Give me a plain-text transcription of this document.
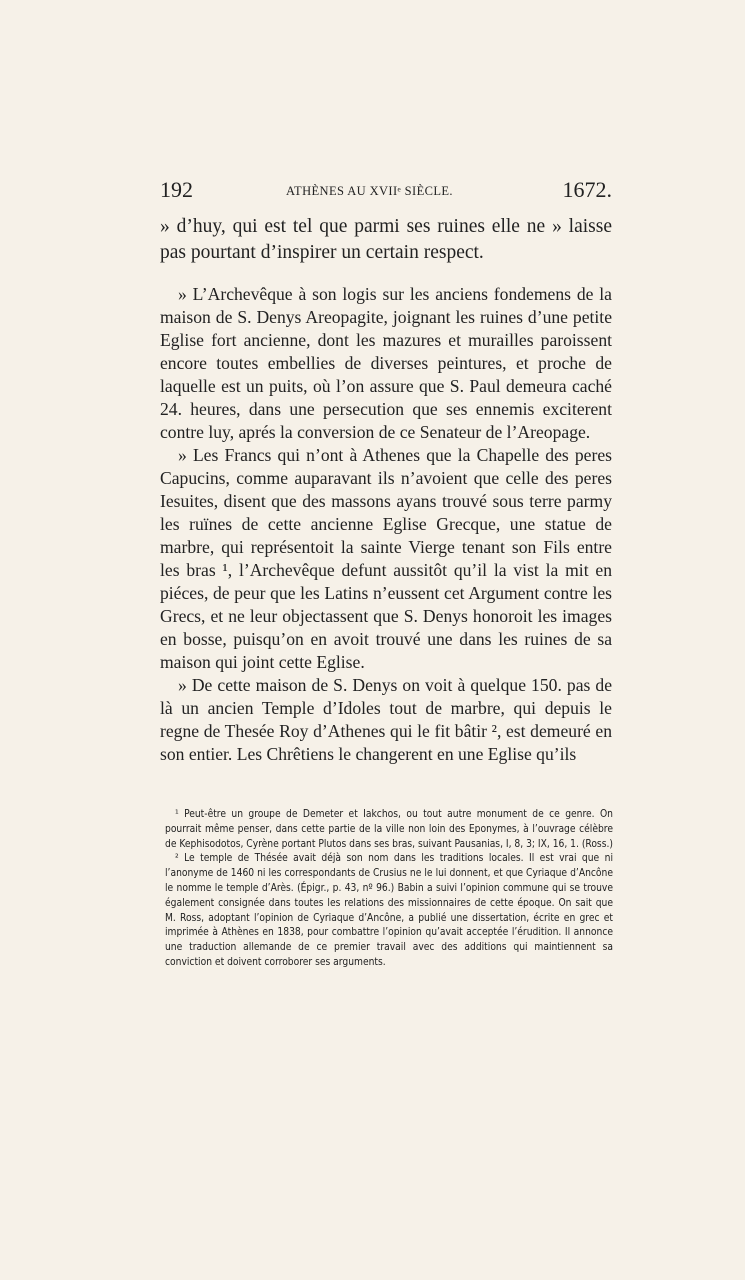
192	ATHÈNES AU XVIIᵉ SIÈCLE.	1672.

» d’huy, qui est tel que parmi ses ruines elle ne » laisse pas pourtant d’inspirer un certain respect.

» L’Archevêque à son logis sur les anciens fondemens de la maison de S. Denys Areopagite, joignant les ruines d’une petite Eglise fort ancienne, dont les mazures et murailles paroissent encore toutes embellies de diverses peintures, et proche de laquelle est un puits, où l’on assure que S. Paul demeura caché 24. heures, dans une persecution que ses ennemis exciterent contre luy, aprés la conversion de ce Senateur de l’Areopage.

» Les Francs qui n’ont à Athenes que la Chapelle des peres Capucins, comme auparavant ils n’avoient que celle des peres Iesuites, disent que des massons ayans trouvé sous terre parmy les ruïnes de cette ancienne Eglise Grecque, une statue de marbre, qui représentoit la sainte Vierge tenant son Fils entre les bras ¹, l’Archevêque defunt aussitôt qu’il la vist la mit en piéces, de peur que les Latins n’eussent cet Argument contre les Grecs, et ne leur objectassent que S. Denys honoroit les images en bosse, puisqu’on en avoit trouvé une dans les ruines de sa maison qui joint cette Eglise.

» De cette maison de S. Denys on voit à quelque 150. pas de là un ancien Temple d’Idoles tout de marbre, qui depuis le regne de Thesée Roy d’Athenes qui le fit bâtir ², est demeuré en son entier. Les Chrêtiens le changerent en une Eglise qu’ils

¹ Peut-être un groupe de Demeter et Iakchos, ou tout autre monument de ce genre. On pourrait même penser, dans cette partie de la ville non loin des Eponymes, à l’ouvrage célèbre de Kephisodotos, Cyrène portant Plutos dans ses bras, suivant Pausanias, I, 8, 3; IX, 16, 1. (Ross.)

² Le temple de Thésée avait déjà son nom dans les traditions locales. Il est vrai que ni l’anonyme de 1460 ni les correspondants de Crusius ne le lui donnent, et que Cyriaque d’Ancône le nomme le temple d’Arès. (Épigr., p. 43, nº 96.) Babin a suivi l’opinion commune qui se trouve également consignée dans toutes les relations des missionnaires de cette époque. On sait que M. Ross, adoptant l’opinion de Cyriaque d’Ancône, a publié une dissertation, écrite en grec et imprimée à Athènes en 1838, pour combattre l’opinion qu’avait acceptée l’érudition. Il annonce une traduction allemande de ce premier travail avec des additions qui maintiennent sa conviction et doivent corroborer ses arguments.
